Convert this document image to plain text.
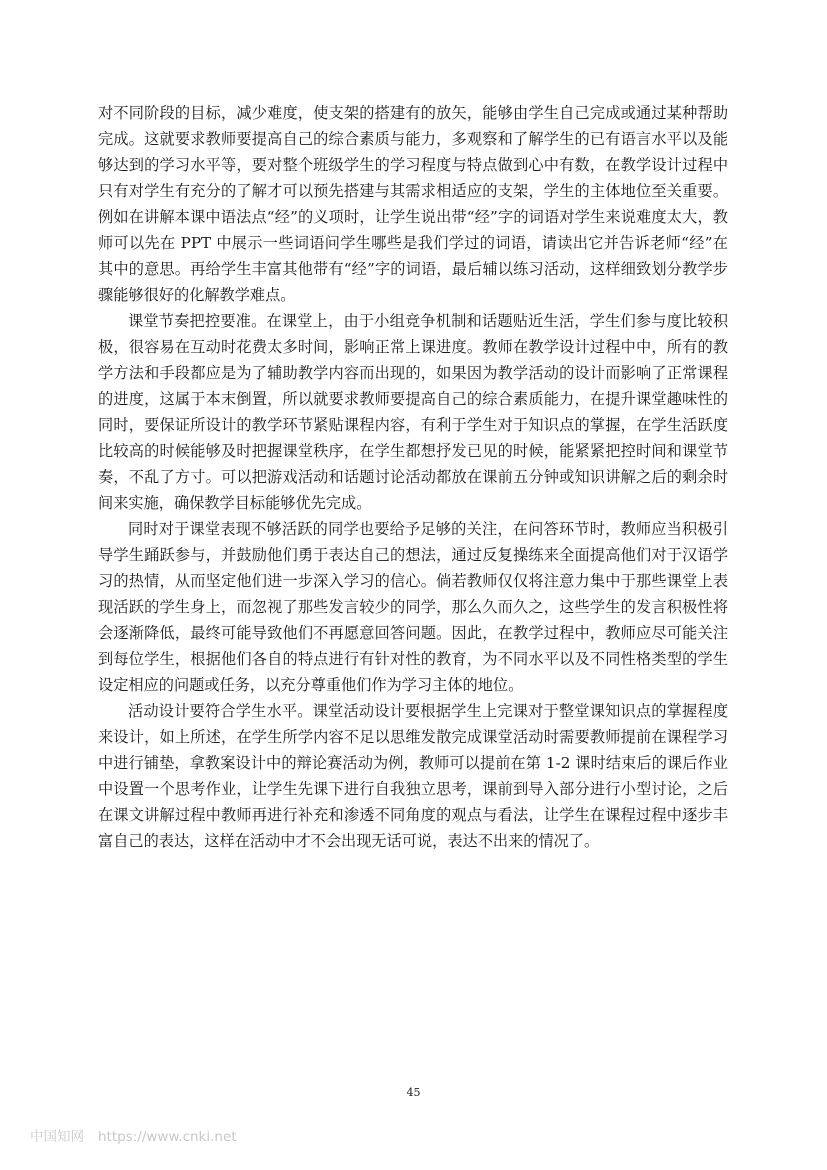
对不同阶段的目标，减少难度，使支架的搭建有的放矢，能够由学生自己完成或通过某种帮助完成。这就要求教师要提高自己的综合素质与能力，多观察和了解学生的已有语言水平以及能够达到的学习水平等，要对整个班级学生的学习程度与特点做到心中有数，在教学设计过程中只有对学生有充分的了解才可以预先搭建与其需求相适应的支架，学生的主体地位至关重要。例如在讲解本课中语法点“经”的义项时，让学生说出带“经”字的词语对学生来说难度太大，教师可以先在 PPT 中展示一些词语问学生哪些是我们学过的词语，请读出它并告诉老师“经”在其中的意思。再给学生丰富其他带有“经”字的词语，最后辅以练习活动，这样细致划分教学步骤能够很好的化解教学难点。

课堂节奏把控要准。在课堂上，由于小组竞争机制和话题贴近生活，学生们参与度比较积极，很容易在互动时花费太多时间，影响正常上课进度。教师在教学设计过程中中，所有的教学方法和手段都应是为了辅助教学内容而出现的，如果因为教学活动的设计而影响了正常课程的进度，这属于本末倒置，所以就要求教师要提高自己的综合素质能力，在提升课堂趣味性的同时，要保证所设计的教学环节紧贴课程内容，有利于学生对于知识点的掌握，在学生活跃度比较高的时候能够及时把握课堂秩序，在学生都想抒发已见的时候，能紧紧把控时间和课堂节奏，不乱了方寸。可以把游戏活动和话题讨论活动都放在课前五分钟或知识讲解之后的剩余时间来实施，确保教学目标能够优先完成。

同时对于课堂表现不够活跃的同学也要给予足够的关注，在问答环节时，教师应当积极引导学生踊跃参与，并鼓励他们勇于表达自己的想法，通过反复操练来全面提高他们对于汉语学习的热情，从而坚定他们进一步深入学习的信心。倘若教师仅仅将注意力集中于那些课堂上表现活跃的学生身上，而忽视了那些发言较少的同学，那么久而久之，这些学生的发言积极性将会逐渐降低，最终可能导致他们不再愿意回答问题。因此，在教学过程中，教师应尽可能关注到每位学生，根据他们各自的特点进行有针对性的教育，为不同水平以及不同性格类型的学生设定相应的问题或任务，以充分尊重他们作为学习主体的地位。

活动设计要符合学生水平。课堂活动设计要根据学生上完课对于整堂课知识点的掌握程度来设计，如上所述，在学生所学内容不足以思维发散完成课堂活动时需要教师提前在课程学习中进行铺垫，拿教案设计中的辩论赛活动为例，教师可以提前在第 1-2 课时结束后的课后作业中设置一个思考作业，让学生先课下进行自我独立思考，课前到导入部分进行小型讨论，之后在课文讲解过程中教师再进行补充和渗透不同角度的观点与看法，让学生在课程过程中逐步丰富自己的表达，这样在活动中才不会出现无话可说，表达不出来的情况了。

45
中国知网 https://www.cnki.net
